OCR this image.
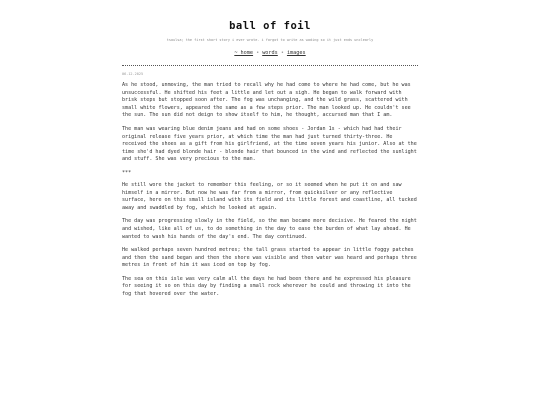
ball of foil
tsoulsa; the first short story i ever wrote. i forgot to write as wading so it just ends unclearly
~ home • words • images
06-12-2025

As he stood, unmoving, the man tried to recall why he had come to where he had come, but he was unsuccessful. He shifted his feet a little and let out a sigh. He began to walk forward with brisk steps but stopped soon after. The fog was unchanging, and the wild grass, scattered with small white flowers, appeared the same as a few steps prior. The man looked up. He couldn't see the sun. The sun did not deign to show itself to him, he thought, accursed man that I am.

The man was wearing blue denim jeans and had on some shoes - Jordan 1s - which had had their original release five years prior, at which time the man had just turned thirty-three. He received the shoes as a gift from his girlfriend, at the time seven years his junior. Also at the time she'd had dyed blonde hair - blonde hair that bounced in the wind and reflected the sunlight and stuff. She was very precious to the man.

***

He still wore the jacket to remember this feeling, or so it seemed when he put it on and saw himself in a mirror. But now he was far from a mirror, from quicksilver or any reflective surface, here on this small island with its field and its little forest and coastline, all tucked away and swaddled by fog, which he looked at again.

The day was progressing slowly in the field, so the man became more decisive. He feared the night and wished, like all of us, to do something in the day to ease the burden of what lay ahead. He wanted to wash his hands of the day's end. The day continued.

He walked perhaps seven hundred metres; the tall grass started to appear in little foggy patches and then the sand began and then the shore was visible and then water was heard and perhaps three metres in front of him it was iced on top by fog.

The sea on this isle was very calm all the days he had been there and he expressed his pleasure for seeing it so on this day by finding a small rock wherever he could and throwing it into the fog that hovered over the water.
